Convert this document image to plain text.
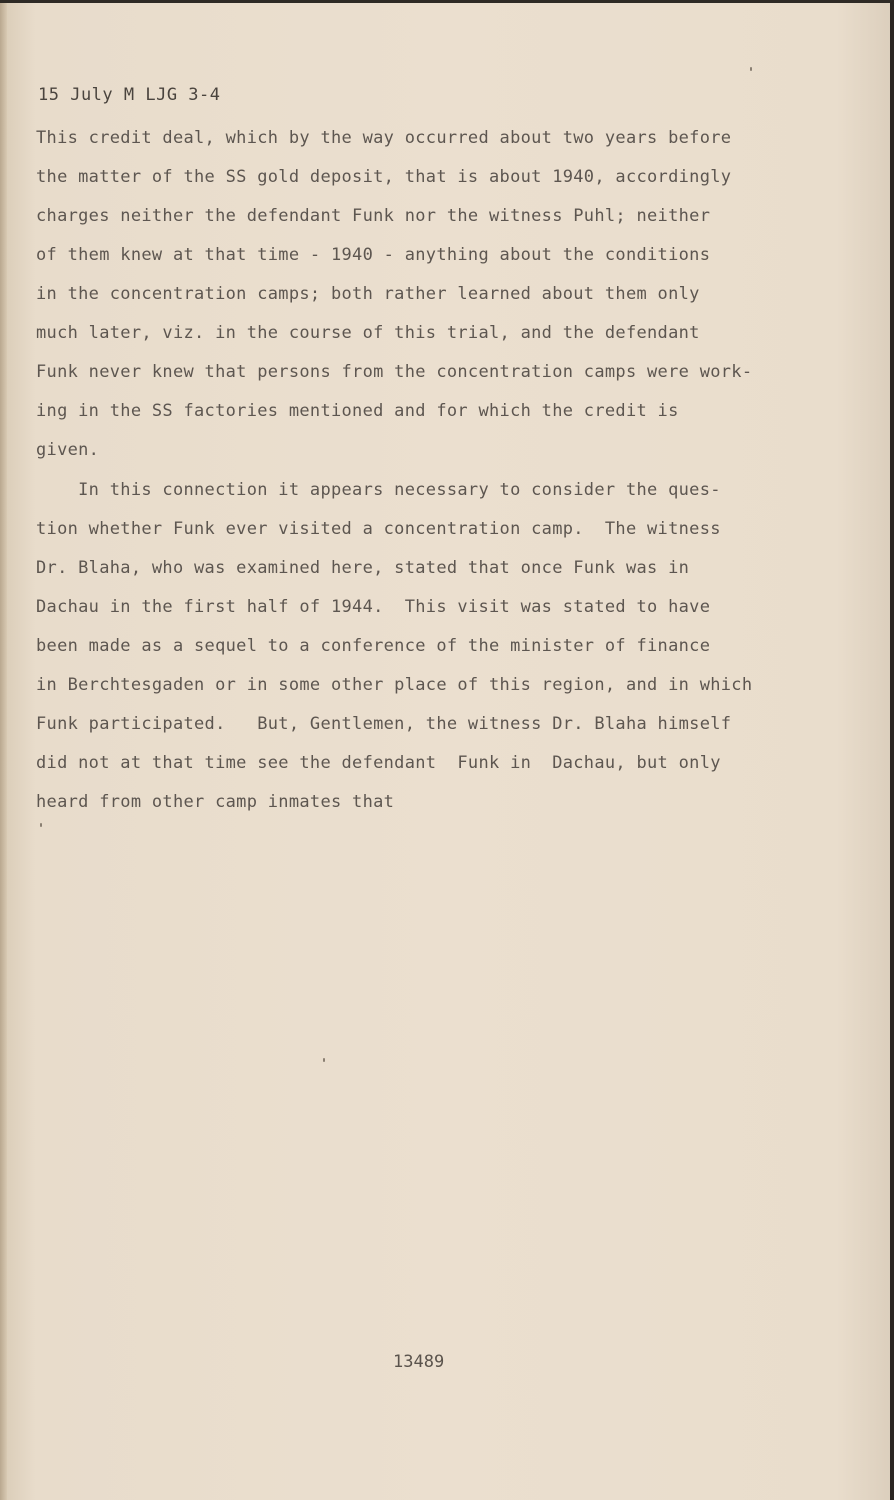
15 July M LJG 3-4
This credit deal, which by the way occurred about two years before
the matter of the SS gold deposit, that is about 1940, accordingly
charges neither the defendant Funk nor the witness Puhl; neither
of them knew at that time - 1940 - anything about the conditions
in the concentration camps; both rather learned about them only
much later, viz. in the course of this trial, and the defendant
Funk never knew that persons from the concentration camps were work-
ing in the SS factories mentioned and for which the credit is
given.
In this connection it appears necessary to consider the ques-
tion whether Funk ever visited a concentration camp.  The witness
Dr. Blaha, who was examined here, stated that once Funk was in
Dachau in the first half of 1944.  This visit was stated to have
been made as a sequel to a conference of the minister of finance
in Berchtesgaden or in some other place of this region, and in which
Funk participated.   But, Gentlemen, the witness Dr. Blaha himself
did not at that time see the defendant  Funk in  Dachau, but only
heard from other camp inmates that
13489
